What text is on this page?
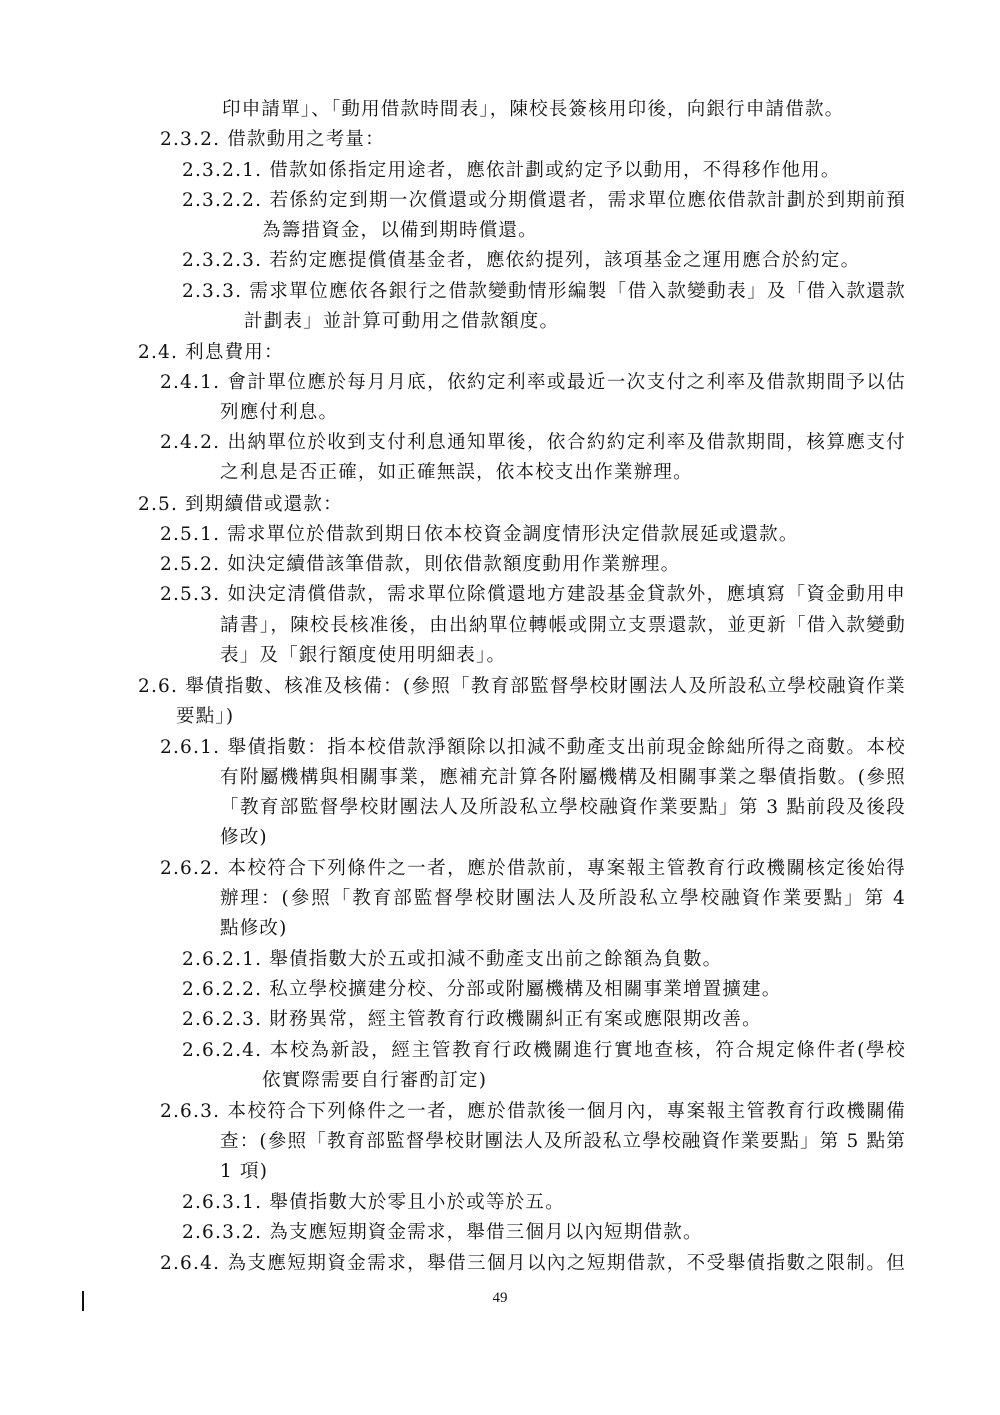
印申請單」、「動用借款時間表」，陳校長簽核用印後，向銀行申請借款。

2.3.2. 借款動用之考量：

2.3.2.1. 借款如係指定用途者，應依計劃或約定予以動用，不得移作他用。

2.3.2.2. 若係約定到期一次償還或分期償還者，需求單位應依借款計劃於到期前預

為籌措資金，以備到期時償還。

2.3.2.3. 若約定應提償債基金者，應依約提列，該項基金之運用應合於約定。

2.3.3. 需求單位應依各銀行之借款變動情形編製「借入款變動表」及「借入款還款

計劃表」並計算可動用之借款額度。

2.4. 利息費用：

2.4.1. 會計單位應於每月月底，依約定利率或最近一次支付之利率及借款期間予以估

列應付利息。

2.4.2. 出納單位於收到支付利息通知單後，依合約約定利率及借款期間，核算應支付

之利息是否正確，如正確無誤，依本校支出作業辦理。

2.5. 到期續借或還款：

2.5.1. 需求單位於借款到期日依本校資金調度情形決定借款展延或還款。

2.5.2. 如決定續借該筆借款，則依借款額度動用作業辦理。

2.5.3. 如決定清償借款，需求單位除償還地方建設基金貸款外，應填寫「資金動用申

請書」，陳校長核准後，由出納單位轉帳或開立支票還款，並更新「借入款變動

表」及「銀行額度使用明細表」。

2.6. 舉債指數、核准及核備：(參照「教育部監督學校財團法人及所設私立學校融資作業

要點」)

2.6.1. 舉債指數：指本校借款淨額除以扣減不動產支出前現金餘絀所得之商數。本校

有附屬機構與相關事業，應補充計算各附屬機構及相關事業之舉債指數。(參照

「教育部監督學校財團法人及所設私立學校融資作業要點」第 3 點前段及後段

修改)

2.6.2. 本校符合下列條件之一者，應於借款前，專案報主管教育行政機關核定後始得

辦理：(參照「教育部監督學校財團法人及所設私立學校融資作業要點」第 4

點修改)

2.6.2.1. 舉債指數大於五或扣減不動產支出前之餘額為負數。

2.6.2.2. 私立學校擴建分校、分部或附屬機構及相關事業增置擴建。

2.6.2.3. 財務異常，經主管教育行政機關糾正有案或應限期改善。

2.6.2.4. 本校為新設，經主管教育行政機關進行實地查核，符合規定條件者(學校

依實際需要自行審酌訂定)

2.6.3. 本校符合下列條件之一者，應於借款後一個月內，專案報主管教育行政機關備

查：(參照「教育部監督學校財團法人及所設私立學校融資作業要點」第 5 點第

1 項)

2.6.3.1. 舉債指數大於零且小於或等於五。

2.6.3.2. 為支應短期資金需求，舉借三個月以內短期借款。

2.6.4. 為支應短期資金需求，舉借三個月以內之短期借款，不受舉債指數之限制。但

49
